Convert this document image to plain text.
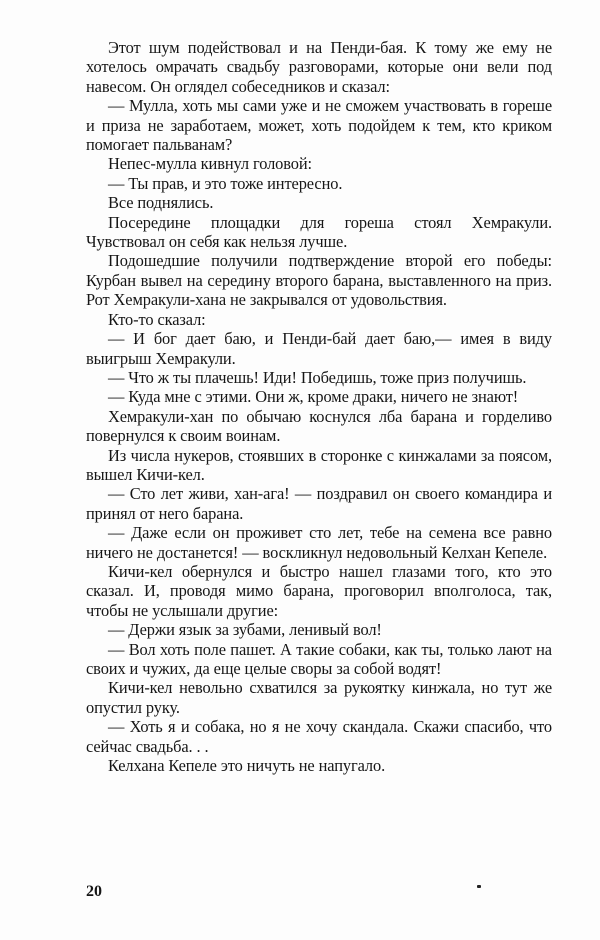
Этот шум подействовал и на Пенди-бая. К тому же ему не хотелось омрачать свадьбу разговорами, которые они вели под навесом. Он оглядел собеседников и сказал:

— Мулла, хоть мы сами уже и не сможем участвовать в гореше и приза не заработаем, может, хоть подойдем к тем, кто криком помогает пальванам?

Непес-мулла кивнул головой:

— Ты прав, и это тоже интересно.

Все поднялись.

Посередине площадки для гореша стоял Хемракули. Чувствовал он себя как нельзя лучше.

Подошедшие получили подтверждение второй его победы: Курбан вывел на середину второго барана, выставленного на приз. Рот Хемракули-хана не закрывался от удовольствия.

Кто-то сказал:

— И бог дает баю, и Пенди-бай дает баю,— имея в виду выигрыш Хемракули.

— Что ж ты плачешь! Иди! Победишь, тоже приз получишь.

— Куда мне с этими. Они ж, кроме драки, ничего не знают!

Хемракули-хан по обычаю коснулся лба барана и горделиво повернулся к своим воинам.

Из числа нукеров, стоявших в сторонке с кинжалами за поясом, вышел Кичи-кел.

— Сто лет живи, хан-ага! — поздравил он своего командира и принял от него барана.

— Даже если он проживет сто лет, тебе на семена все равно ничего не достанется! — воскликнул недовольный Келхан Кепеле.

Кичи-кел обернулся и быстро нашел глазами того, кто это сказал. И, проводя мимо барана, проговорил вполголоса, так, чтобы не услышали другие:

— Держи язык за зубами, ленивый вол!

— Вол хоть поле пашет. А такие собаки, как ты, только лают на своих и чужих, да еще целые своры за собой водят!

Кичи-кел невольно схватился за рукоятку кинжала, но тут же опустил руку.

— Хоть я и собака, но я не хочу скандала. Скажи спасибо, что сейчас свадьба. . .

Келхана Кепеле это ничуть не напугало.

20
